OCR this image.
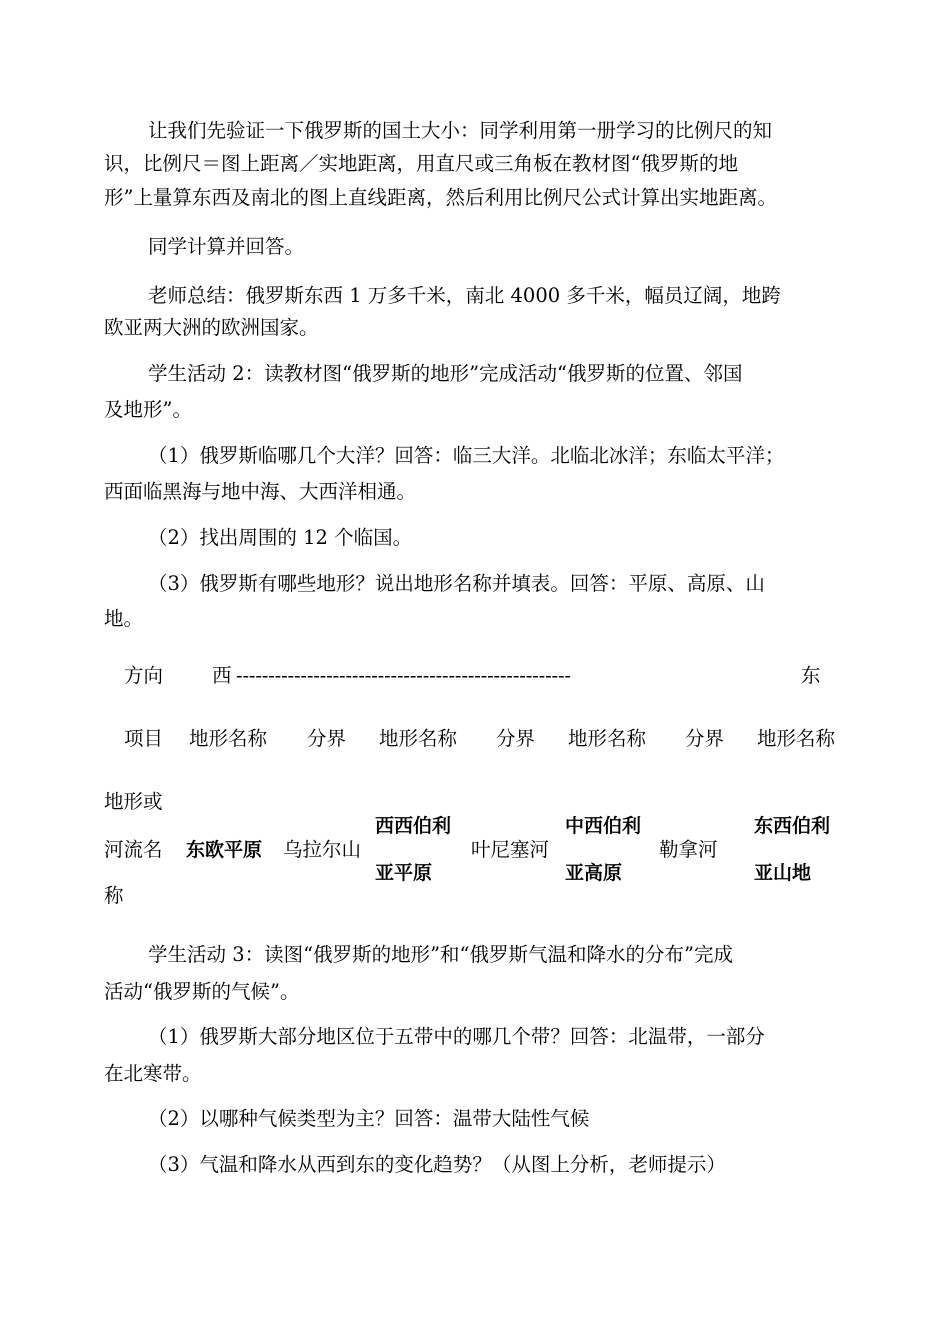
让我们先验证一下俄罗斯的国土大小：同学利用第一册学习的比例尺的知
识，比例尺＝图上距离／实地距离，用直尺或三角板在教材图“俄罗斯的地
形”上量算东西及南北的图上直线距离，然后利用比例尺公式计算出实地距离。
同学计算并回答。
老师总结：俄罗斯东西 1 万多千米，南北 4000 多千米，幅员辽阔，地跨
欧亚两大洲的欧洲国家。
学生活动 2：读教材图“俄罗斯的地形”完成活动“俄罗斯的位置、邻国
及地形”。
（1）俄罗斯临哪几个大洋？回答：临三大洋。北临北冰洋；东临太平洋；
西面临黑海与地中海、大西洋相通。
（2）找出周围的 12 个临国。
（3）俄罗斯有哪些地形？说出地形名称并填表。回答：平原、高原、山
地。
方向	西 ----------------------------------------------------	东
项目 地形名称 分界 地形名称 分界 地形名称 分界 地形名称
地形或
河流名
称
东欧平原 乌拉尔山
西西伯利
亚平原
叶尼塞河
中西伯利
亚高原
勒拿河
东西伯利
亚山地
学生活动 3：读图“俄罗斯的地形”和“俄罗斯气温和降水的分布”完成
活动“俄罗斯的气候”。
（1）俄罗斯大部分地区位于五带中的哪几个带？回答：北温带，一部分
在北寒带。
（2）以哪种气候类型为主？回答：温带大陆性气候
（3）气温和降水从西到东的变化趋势？（从图上分析，老师提示）
